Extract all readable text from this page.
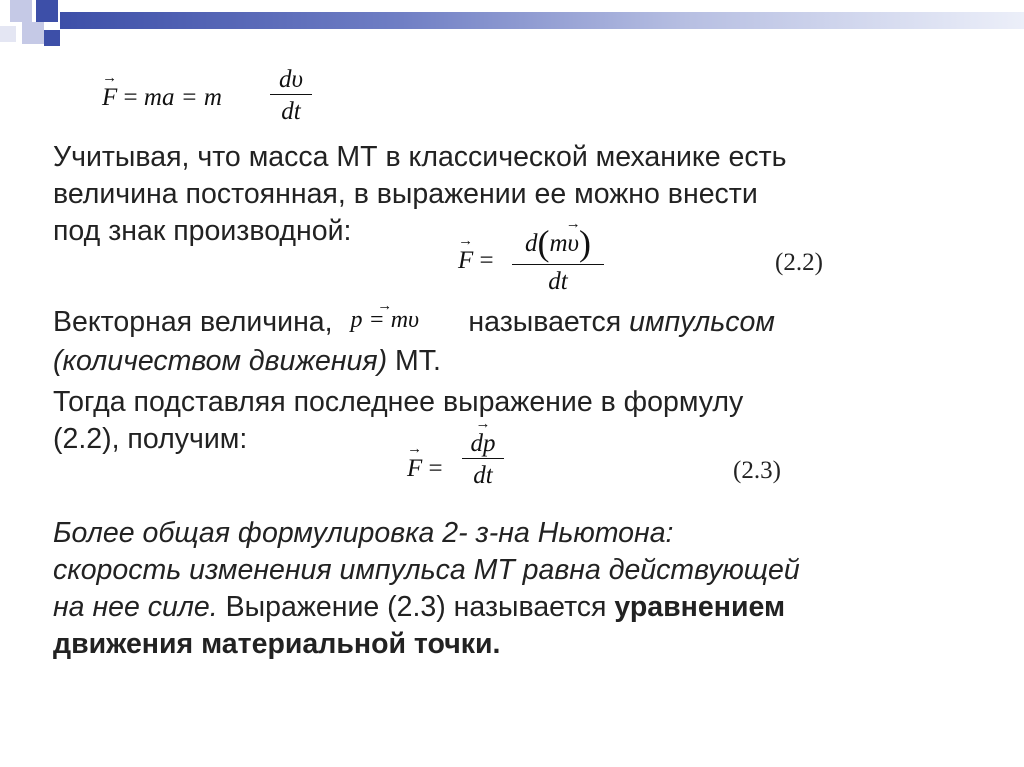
→ F = ma = m
dυ
dt

Учитывая, что масса МТ в классической механике есть
величина постоянная, в выражении ее можно внести
под знак производной:

→ F =
d(m→ υ)
dt
(2.2)

Векторная величина, → p = mυ называется импульсом
(количеством движения) МТ.

Тогда подставляя последнее выражение в формулу
(2.2), получим:

→ F =
→ dp
dt	(2.3)

Более общая формулировка 2- з-на Ньютона:
скорость изменения импульса МТ равна действующей
на нее силе. Выражение (2.3) называется уравнением
движения материальной точки.
